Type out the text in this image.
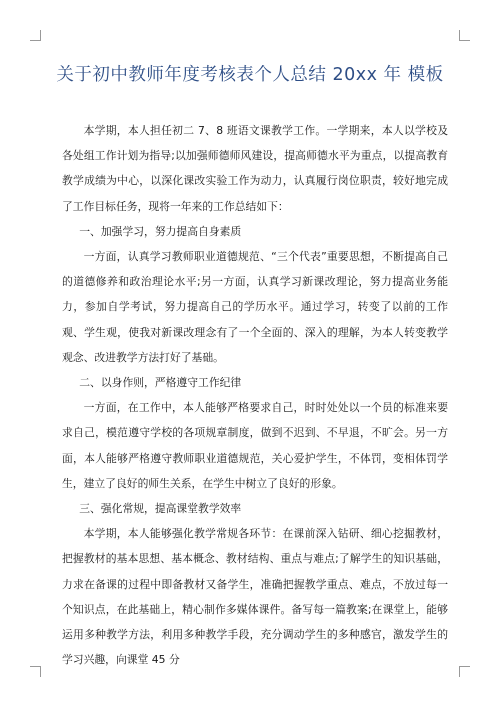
关于初中教师年度考核表个人总结 20xx 年 模板

本学期，本人担任初二 7、8 班语文课教学工作。一学期来，本人以学校及各处组工作计划为指导;以加强师德师风建设，提高师德水平为重点，以提高教育教学成绩为中心，以深化课改实验工作为动力，认真履行岗位职责，较好地完成了工作目标任务，现将一年来的工作总结如下：

一、加强学习，努力提高自身素质

一方面，认真学习教师职业道德规范、“三个代表”重要思想，不断提高自己的道德修养和政治理论水平;另一方面，认真学习新课改理论，努力提高业务能力，参加自学考试，努力提高自己的学历水平。通过学习，转变了以前的工作观、学生观，使我对新课改理念有了一个全面的、深入的理解，为本人转变教学观念、改进教学方法打好了基础。

二、以身作则，严格遵守工作纪律

一方面，在工作中，本人能够严格要求自己，时时处处以一个员的标准来要求自己，模范遵守学校的各项规章制度，做到不迟到、不早退，不旷会。另一方面，本人能够严格遵守教师职业道德规范，关心爱护学生，不体罚，变相体罚学生，建立了良好的师生关系，在学生中树立了良好的形象。

三、强化常规，提高课堂教学效率

本学期，本人能够强化教学常规各环节：在课前深入钻研、细心挖掘教材，把握教材的基本思想、基本概念、教材结构、重点与难点;了解学生的知识基础，力求在备课的过程中即备教材又备学生，准确把握教学重点、难点，不放过每一个知识点，在此基础上，精心制作多媒体课件。备写每一篇教案;在课堂上，能够运用多种教学方法，利用多种教学手段，充分调动学生的多种感官，激发学生的学习兴趣，向课堂 45 分
